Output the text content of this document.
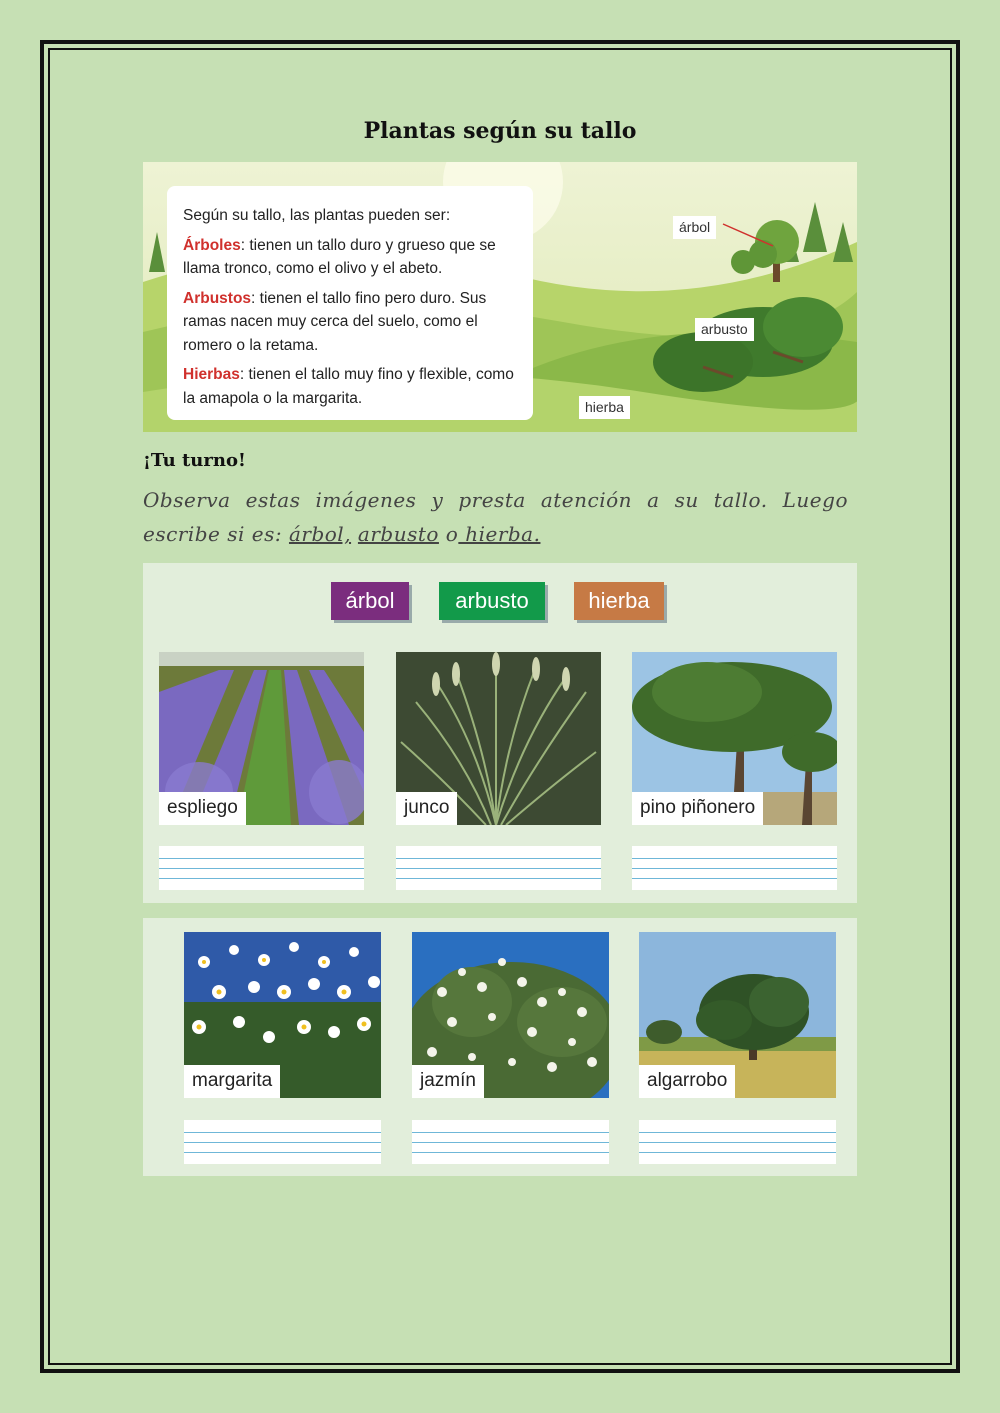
Plantas según su tallo

Según su tallo, las plantas pueden ser:

Árboles: tienen un tallo duro y grueso que se llama tronco, como el olivo y el abeto.

Arbustos: tienen el tallo fino pero duro. Sus ramas nacen muy cerca del suelo, como el romero o la retama.

Hierbas: tienen el tallo muy fino y flexible, como la amapola o la margarita.

árbol
arbusto
hierba
¡Tu turno!
Observa estas imágenes y presta atención a su tallo. Luego escribe si es: árbol, arbusto o hierba.
árbol	arbusto	hierba
espliego	junco	pino piñonero
margarita	jazmín	algarrobo
